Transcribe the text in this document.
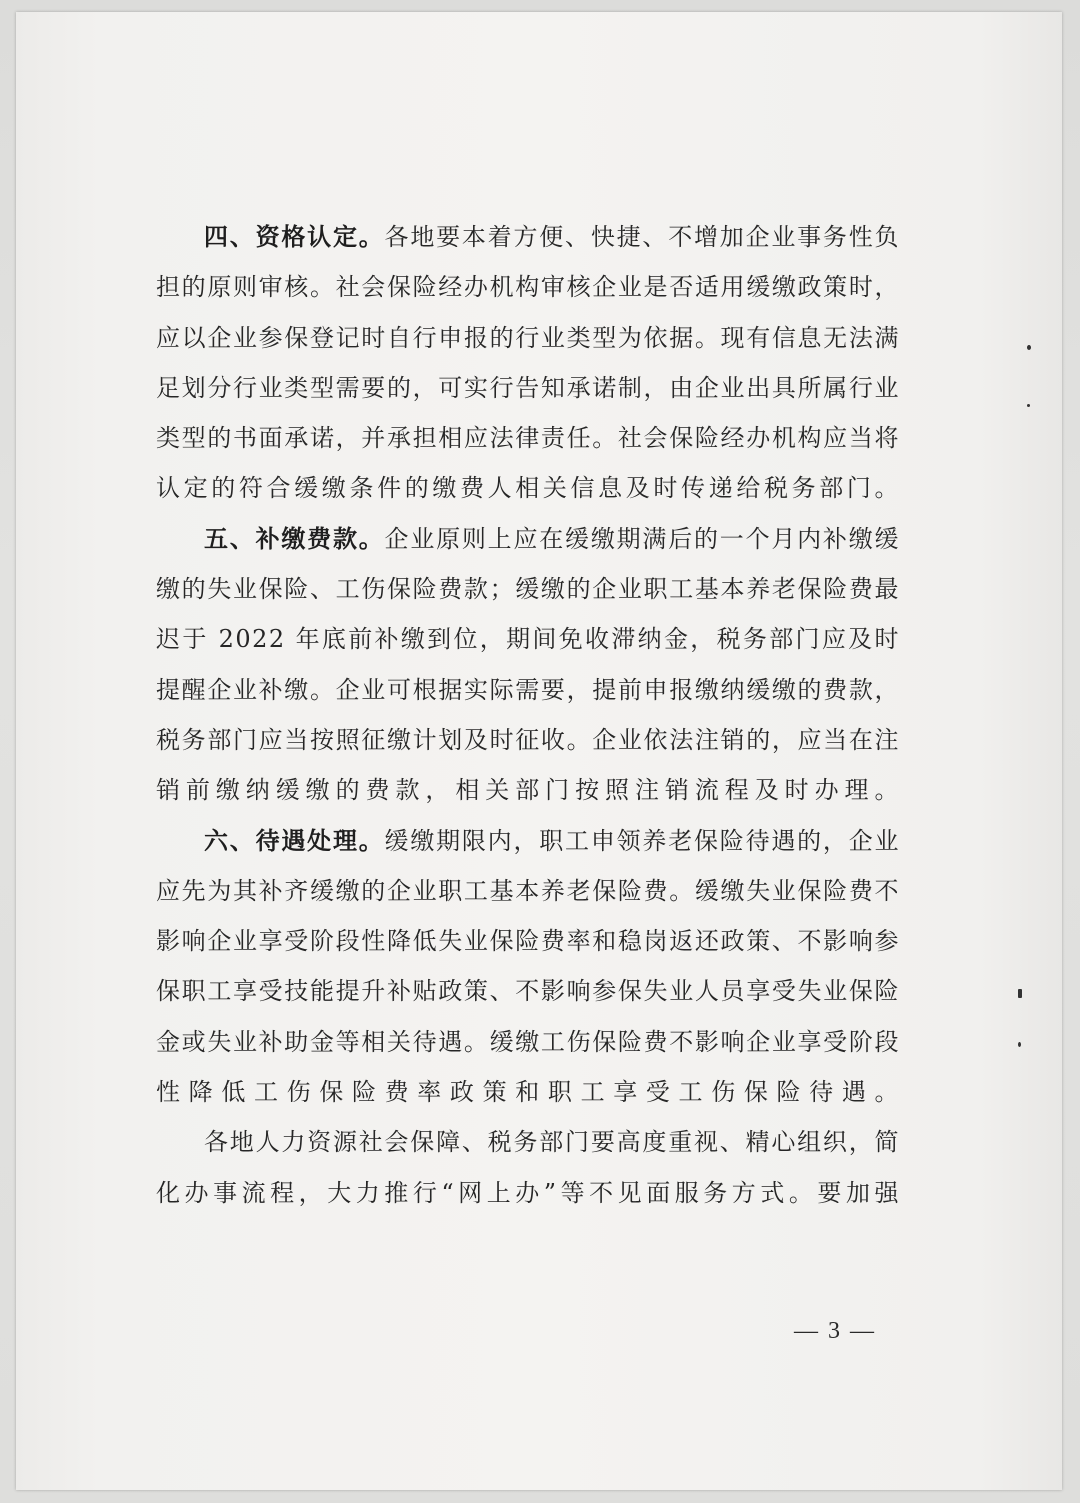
四、资格认定。各地要本着方便、快捷、不增加企业事务性负担的原则审核。社会保险经办机构审核企业是否适用缓缴政策时，应以企业参保登记时自行申报的行业类型为依据。现有信息无法满足划分行业类型需要的，可实行告知承诺制，由企业出具所属行业类型的书面承诺，并承担相应法律责任。社会保险经办机构应当将认定的符合缓缴条件的缴费人相关信息及时传递给税务部门。

五、补缴费款。企业原则上应在缓缴期满后的一个月内补缴缓缴的失业保险、工伤保险费款；缓缴的企业职工基本养老保险费最迟于 2022 年底前补缴到位，期间免收滞纳金，税务部门应及时提醒企业补缴。企业可根据实际需要，提前申报缴纳缓缴的费款，税务部门应当按照征缴计划及时征收。企业依法注销的，应当在注销前缴纳缓缴的费款，相关部门按照注销流程及时办理。

六、待遇处理。缓缴期限内，职工申领养老保险待遇的，企业应先为其补齐缓缴的企业职工基本养老保险费。缓缴失业保险费不影响企业享受阶段性降低失业保险费率和稳岗返还政策、不影响参保职工享受技能提升补贴政策、不影响参保失业人员享受失业保险金或失业补助金等相关待遇。缓缴工伤保险费不影响企业享受阶段性降低工伤保险费率政策和职工享受工伤保险待遇。

各地人力资源社会保障、税务部门要高度重视、精心组织，简化办事流程，大力推行“网上办”等不见面服务方式。要加强

— 3 —
